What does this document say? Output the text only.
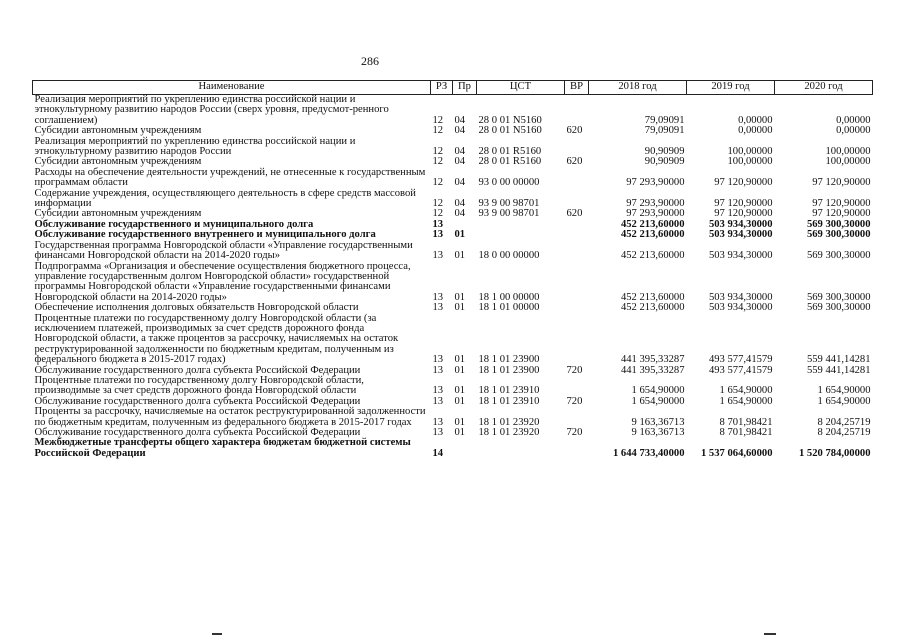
286
Наименование	РЗ	Пр	ЦСТ	ВР	2018 год	2019 год	2020 год
Реализация мероприятий по укреплению единства российской нации и этнокультурному развитию народов России (сверх уровня, предусмот-ренного соглашением)	12	04	28 0 01 N5160		79,09091	0,00000	0,00000
Субсидии автономным учреждениям	12	04	28 0 01 N5160	620	79,09091	0,00000	0,00000
Реализация мероприятий по укреплению единства российской нации и этнокультурному развитию народов России	12	04	28 0 01 R5160		90,90909	100,00000	100,00000
Субсидии автономным учреждениям	12	04	28 0 01 R5160	620	90,90909	100,00000	100,00000
Расходы на обеспечение деятельности учреждений, не отнесенные к государственным программам области	12	04	93 0 00 00000		97 293,90000	97 120,90000	97 120,90000
Содержание учреждения, осуществляющего деятельность в сфере средств массовой информации	12	04	93 9 00 98701		97 293,90000	97 120,90000	97 120,90000
Субсидии автономным учреждениям	12	04	93 9 00 98701	620	97 293,90000	97 120,90000	97 120,90000
Обслуживание государственного и муниципального долга	13				452 213,60000	503 934,30000	569 300,30000
Обслуживание государственного внутреннего и муниципального долга	13	01			452 213,60000	503 934,30000	569 300,30000
Государственная программа Новгородской области «Управление государственными финансами Новгородской области на 2014-2020 годы»	13	01	18 0 00 00000		452 213,60000	503 934,30000	569 300,30000
Подпрограмма «Организация и обеспечение осуществления бюджетного процесса, управление государственным долгом Новгородской области» государственной программы Новгородской области «Управление государственными финансами Новгородской области на 2014-2020 годы»	13	01	18 1 00 00000		452 213,60000	503 934,30000	569 300,30000
Обеспечение исполнения долговых обязательств Новгородской области	13	01	18 1 01 00000		452 213,60000	503 934,30000	569 300,30000
Процентные платежи по государственному долгу Новгородской области (за исключением платежей, производимых за счет средств дорожного фонда Новгородской области, а также процентов за рассрочку, начисляемых на остаток реструктурированной задолженности по бюджетным кредитам, полученным из федерального бюджета в 2015-2017 годах)	13	01	18 1 01 23900		441 395,33287	493 577,41579	559 441,14281
Обслуживание государственного долга субъекта Российской Федерации	13	01	18 1 01 23900	720	441 395,33287	493 577,41579	559 441,14281
Процентные платежи по государственному долгу Новгородской области, производимые за счет средств дорожного фонда Новгородской области	13	01	18 1 01 23910		1 654,90000	1 654,90000	1 654,90000
Обслуживание государственного долга субъекта Российской Федерации	13	01	18 1 01 23910	720	1 654,90000	1 654,90000	1 654,90000
Проценты за рассрочку, начисляемые на остаток реструктурированной задолженности по бюджетным кредитам, полученным из федерального бюджета в 2015-2017 годах	13	01	18 1 01 23920		9 163,36713	8 701,98421	8 204,25719
Обслуживание государственного долга субъекта Российской Федерации	13	01	18 1 01 23920	720	9 163,36713	8 701,98421	8 204,25719
Межбюджетные трансферты общего характера бюджетам бюджетной системы Российской Федерации	14				1 644 733,40000	1 537 064,60000	1 520 784,00000
